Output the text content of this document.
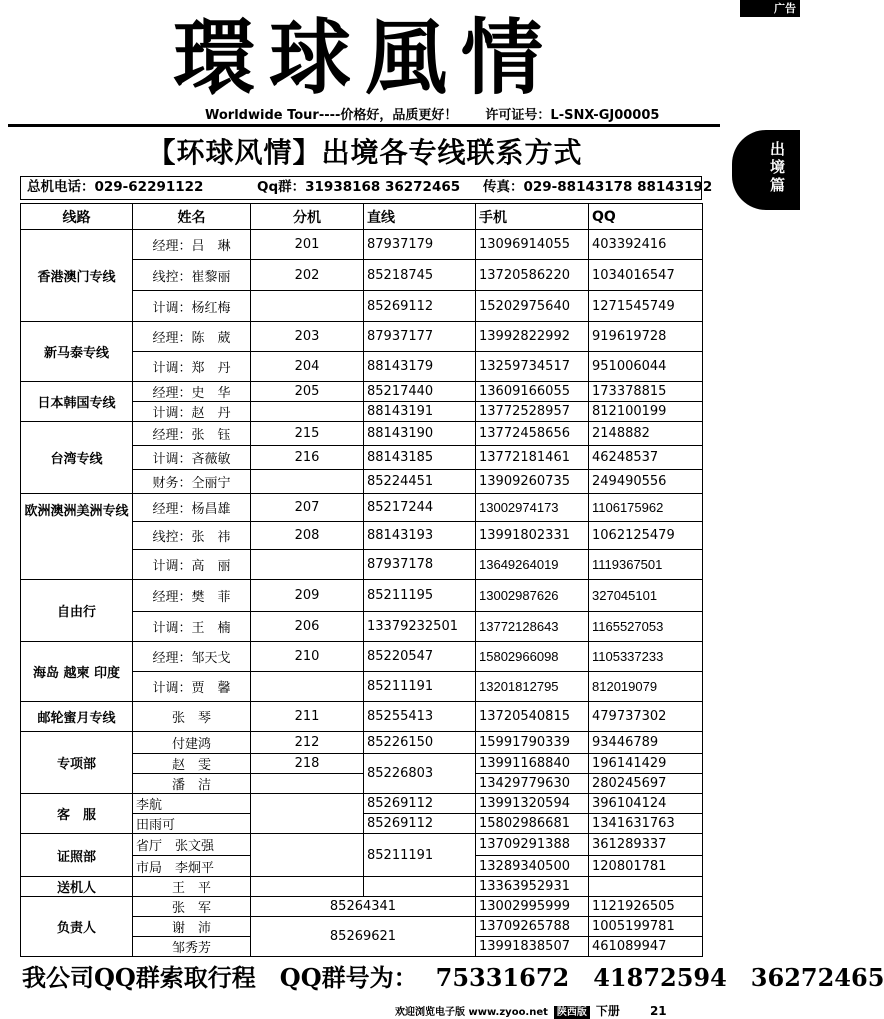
广告
環球風情
Worldwide Tour----价格好，品质更好！ 许可证号：L-SNX-GJ00005
出境篇
【环球风情】出境各专线联系方式
总机电话：029-62291122	Qq群：31938168 36272465 传真：029-88143178 88143192
线路	姓名	分机	直线	手机	QQ
香港澳门专线	经理：吕　琳	201	87937179	13096914055	403392416
	线控：崔黎丽	202	85218745	13720586220	1034016547
	计调：杨红梅		85269112	15202975640	1271545749
新马泰专线	经理：陈　葳	203	87937177	13992822992	919619728
	计调：郑　丹	204	88143179	13259734517	951006044
日本韩国专线	经理：史　华	205	85217440	13609166055	173378815
	计调：赵　丹		88143191	13772528957	812100199
台湾专线	经理：张　钰	215	88143190	13772458656	2148882
	计调：吝薇敏	216	88143185	13772181461	46248537
	财务：仝丽宁		85224451	13909260735	249490556
欧洲澳洲美洲专线	经理：杨昌雄	207	85217244	13002974173	1106175962
	线控：张　祎	208	88143193	13991802331	1062125479
	计调：高　丽		87937178	13649264019	1119367501
自由行	经理：樊　菲	209	85211195	13002987626	327045101
	计调：王　楠	206	13379232501	13772128643	1165527053
海岛 越柬 印度	经理：邹天戈	210	85220547	15802966098	1105337233
	计调：贾　馨		85211191	13201812795	812019079
邮轮蜜月专线	张　琴	211	85255413	13720540815	479737302
专项部	付建鸿	212	85226150	15991790339	93446789
	赵　雯	218	85226803	13991168840	196141429
	潘　洁			13429779630	280245697
客　服	李航		85269112	13991320594	396104124
	田雨可		85269112	15802986681	1341631763
证照部	省厅　张文强		85211191	13709291388	361289337
	市局　李炯平			13289340500	120801781
送机人	王　平			13363952931	
负责人	张　军	85264341		13002995999	1121926505
	谢　沛	85269621		13709265788	1005199781
	邹秀芳			13991838507	461089947
我公司QQ群索取行程　QQ群号为： 75331672　41872594　36272465
欢迎浏览电子版 www.zyoo.net 陕西版 下册	21
